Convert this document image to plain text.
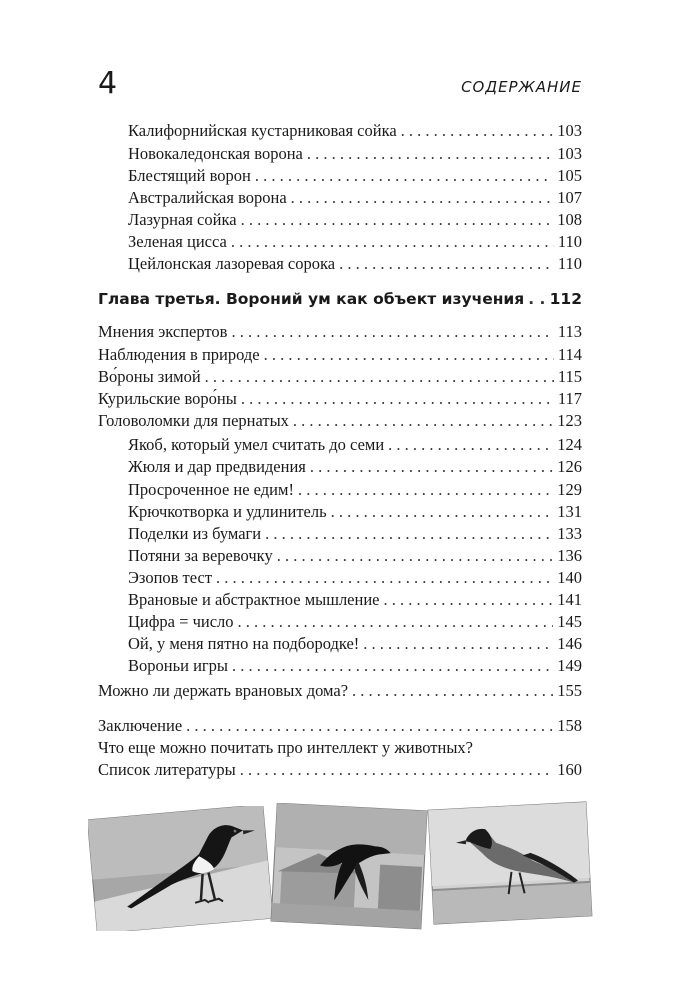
4	СОДЕРЖАНИЕ
Калифорнийская кустарниковая сойка . . .	103
Новокаледонская ворона . . .	103
Блестящий ворон . . .	105
Австралийская ворона . . .	107
Лазурная сойка . . .	108
Зеленая цисса . . .	110
Цейлонская лазоревая сорока . . .	110
Глава третья. Вороний ум как объект изучения . . . 112
Мнения экспертов . . .	113
Наблюдения в природе . . .	114
Во́роны зимой . . .	115
Курильские воро́ны . . .	117
Головоломки для пернатых . . .	123
Якоб, который умел считать до семи . . .	124
Жюля и дар предвидения . . .	126
Просроченное не едим! . . .	129
Крючкотворка и удлинитель . . .	131
Поделки из бумаги . . .	133
Потяни за веревочку . . .	136
Эзопов тест . . .	140
Врановые и абстрактное мышление . . .	141
Цифра = число . . .	145
Ой, у меня пятно на подбородке! . . .	146
Вороньи игры . . .	149
Можно ли держать врановых дома? . . .	155
Заключение . . .	158
Что еще можно почитать про интеллект у животных?
Список литературы . . .	160
